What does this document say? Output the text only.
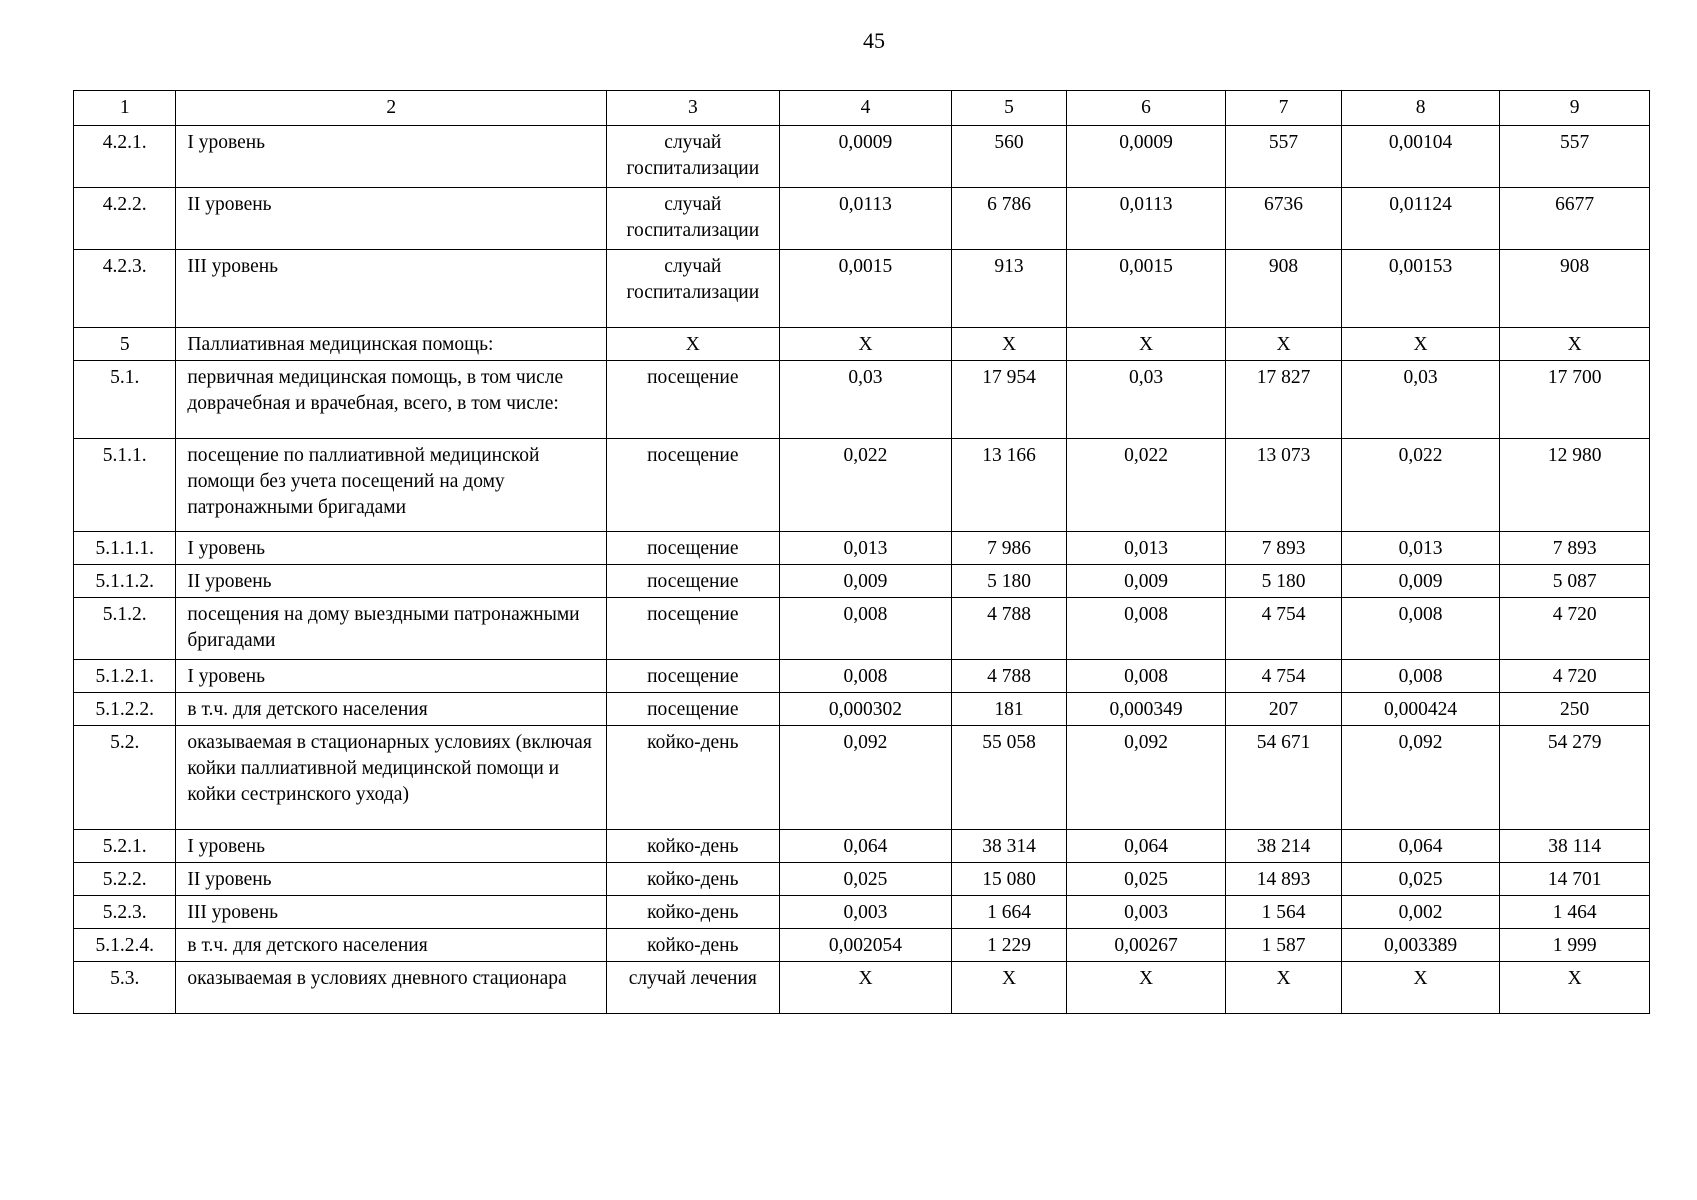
45
1	2	3	4	5	6	7	8	9
4.2.1.	I уровень	случай госпитализации	0,0009	560	0,0009	557	0,00104	557
4.2.2.	II уровень	случай госпитализации	0,0113	6 786	0,0113	6736	0,01124	6677
4.2.3.	III уровень	случай госпитализации	0,0015	913	0,0015	908	0,00153	908
5	Паллиативная медицинская помощь:	Х	Х	Х	Х	Х	Х	Х
5.1.	первичная медицинская помощь, в том числе доврачебная и врачебная, всего, в том числе:	посещение	0,03	17 954	0,03	17 827	0,03	17 700
5.1.1.	посещение по паллиативной медицинской помощи без учета посещений на дому патронажными бригадами	посещение	0,022	13 166	0,022	13 073	0,022	12 980
5.1.1.1.	I уровень	посещение	0,013	7 986	0,013	7 893	0,013	7 893
5.1.1.2.	II уровень	посещение	0,009	5 180	0,009	5 180	0,009	5 087
5.1.2.	посещения на дому выездными патронажными бригадами	посещение	0,008	4 788	0,008	4 754	0,008	4 720
5.1.2.1.	I уровень	посещение	0,008	4 788	0,008	4 754	0,008	4 720
5.1.2.2.	в т.ч. для детского населения	посещение	0,000302	181	0,000349	207	0,000424	250
5.2.	оказываемая в стационарных условиях (включая койки паллиативной медицинской помощи и койки сестринского ухода)	койко-день	0,092	55 058	0,092	54 671	0,092	54 279
5.2.1.	I уровень	койко-день	0,064	38 314	0,064	38 214	0,064	38 114
5.2.2.	II уровень	койко-день	0,025	15 080	0,025	14 893	0,025	14 701
5.2.3.	III уровень	койко-день	0,003	1 664	0,003	1 564	0,002	1 464
5.1.2.4.	в т.ч. для детского населения	койко-день	0,002054	1 229	0,00267	1 587	0,003389	1 999
5.3.	оказываемая в условиях дневного стационара	случай лечения	Х	Х	Х	Х	Х	Х
